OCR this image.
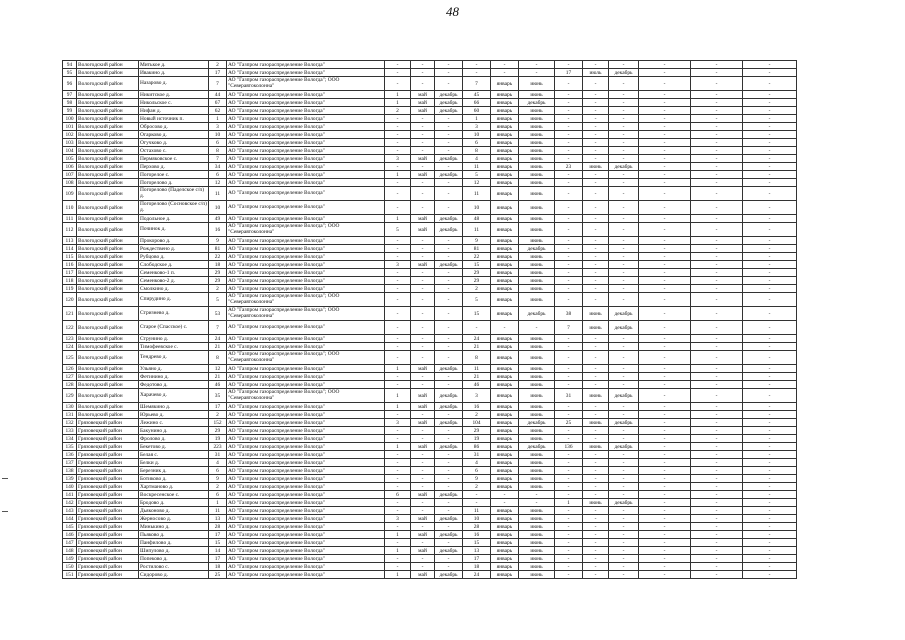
48
94	Вологодский район	Митькое д.	2	АО "Газпром газораспределение Вологда"	-	-	-	-	-	-	-	-	-	-	-	-
95	Вологодский район	Ивакино д.	17	АО "Газпром газораспределение Вологда"	-	-	-	-	-	-	17	июль	декабрь	-	-	-
96	Вологодский район	Назарово д.	7	АО "Газпром газораспределение Вологда"; ООО "Северавтоколонна"	-	-	-	7	январь	июнь	-	-	-	-	-	-
97	Вологодский район	Никитское д.	44	АО "Газпром газораспределение Вологда"	1	май	декабрь	45	январь	июнь	-	-	-	-	-	-
98	Вологодский район	Никольское с.	67	АО "Газпром газораспределение Вологда"	1	май	декабрь	66	январь	декабрь	-	-	-	-	-	-
99	Вологодский район	Нифан д.	62	АО "Газпром газораспределение Вологда"	2	май	декабрь	60	январь	июнь	-	-	-	-	-	-
100	Вологодский район	Новый источник п.	1	АО "Газпром газораспределение Вологда"	-	-	-	1	январь	июнь	-	-	-	-	-	-
101	Вологодский район	Обросово д.	3	АО "Газпром газораспределение Вологда"	-	-	-	3	январь	июнь	-	-	-	-	-	-
102	Вологодский район	Огарково д.	10	АО "Газпром газораспределение Вологда"	-	-	-	10	январь	июнь	-	-	-	-	-	-
103	Вологодский район	Огучково д.	6	АО "Газпром газораспределение Вологда"	-	-	-	6	январь	июнь	-	-	-	-	-	-
104	Вологодский район	Остахово с.	8	АО "Газпром газораспределение Вологда"	-	-	-	8	январь	июнь	-	-	-	-	-	-
105	Вологодский район	Пермяковское с.	7	АО "Газпром газораспределение Вологда"	3	май	декабрь	4	январь	июнь	-	-	-	-	-	-
106	Вологодский район	Перхово д.	34	АО "Газпром газораспределение Вологда"	-	-	-	11	январь	июнь	23	июнь	декабрь	-	-	-
107	Вологодский район	Погорелое с.	6	АО "Газпром газораспределение Вологда"	1	май	декабрь	5	январь	июнь	-	-	-	-	-	-
108	Вологодский район	Погорелово д.	12	АО "Газпром газораспределение Вологда"	-	-	-	12	январь	июнь	-	-	-	-	-	-
109	Вологодский район	Погорелово (Паделское с/п) д.	11	АО "Газпром газораспределение Вологда"	-	-	-	11	январь	июнь	-	-	-	-	-	-
110	Вологодский район	Погорелово (Сосновское с/п) д.	10	АО "Газпром газораспределение Вологда"	-	-	-	10	январь	июнь	-	-	-	-	-	-
111	Вологодский район	Подольное д.	49	АО "Газпром газораспределение Вологда"	1	май	декабрь	48	январь	июнь	-	-	-	-	-	-
112	Вологодский район	Починок д.	16	АО "Газпром газораспределение Вологда"; ООО "Северавтоколонна"	5	май	декабрь	11	январь	июнь	-	-	-	-	-	-
113	Вологодский район	Прокорово д.	9	АО "Газпром газораспределение Вологда"	-	-	-	9	январь	июнь	-	-	-	-	-	-
114	Вологодский район	Рождествено д.	81	АО "Газпром газораспределение Вологда"	-	-	-	81	январь	декабрь	-	-	-	-	-	-
115	Вологодский район	Рубцово д.	22	АО "Газпром газораспределение Вологда"	-	-	-	22	январь	июнь	-	-	-	-	-	-
116	Вологодский район	Слободское д.	18	АО "Газпром газораспределение Вологда"	3	май	декабрь	15	январь	июнь	-	-	-	-	-	-
117	Вологодский район	Семенково-1 п.	29	АО "Газпром газораспределение Вологда"	-	-	-	29	январь	июнь	-	-	-	-	-	-
118	Вологодский район	Семенково-2 д.	29	АО "Газпром газораспределение Вологда"	-	-	-	29	январь	июнь	-	-	-	-	-	-
119	Вологодский район	Смолкино д.	2	АО "Газпром газораспределение Вологда"	-	-	-	2	январь	июнь	-	-	-	-	-	-
120	Вологодский район	Спирудино д.	5	АО "Газпром газораспределение Вологда"; ООО "Северавтоколонна"	-	-	-	5	январь	июнь	-	-	-	-	-	-
121	Вологодский район	Стризнево д.	53	АО "Газпром газораспределение Вологда"; ООО "Северавтоколонна"	-	-	-	15	январь	декабрь	38	июнь	декабрь	-	-	-
122	Вологодский район	Старое (Спасское) с.	7	АО "Газпром газораспределение Вологда"	-	-	-	-	-	-	7	июнь	декабрь	-	-	-
123	Вологодский район	Струнино д.	24	АО "Газпром газораспределение Вологда"	-	-	-	24	январь	июнь	-	-	-	-	-	-
124	Вологодский район	Тимофеевское с.	21	АО "Газпром газораспределение Вологда"	-	-	-	21	январь	июнь	-	-	-	-	-	-
125	Вологодский район	Тендрево д.	8	АО "Газпром газораспределение Вологда"; ООО "Северавтоколонна"	-	-	-	8	январь	июнь	-	-	-	-	-	-
126	Вологодский район	Ульяно д.	12	АО "Газпром газораспределение Вологда"	1	май	декабрь	11	январь	июнь	-	-	-	-	-	-
127	Вологодский район	Фетинино д.	21	АО "Газпром газораспределение Вологда"	-	-	-	21	январь	июнь	-	-	-	-	-	-
128	Вологодский район	Федотово д.	46	АО "Газпром газораспределение Вологда"	-	-	-	46	январь	июнь	-	-	-	-	-	-
129	Вологодский район	Харачево д.	35	АО "Газпром газораспределение Вологда"; ООО "Северавтоколонна"	1	май	декабрь	3	январь	июнь	31	июнь	декабрь	-	-	-
130	Вологодский район	Шемякино д.	17	АО "Газпром газораспределение Вологда"	1	май	декабрь	16	январь	июнь	-	-	-	-	-	-
131	Вологодский район	Юрьево д.	2	АО "Газпром газораспределение Вологда"	-	-	-	2	январь	июнь	-	-	-	-	-	-
132	Грязовецкий район	Лежино с.	152	АО "Газпром газораспределение Вологда"	3	май	декабрь	104	январь	декабрь	25	июнь	декабрь	-	-	-
133	Грязовецкий район	Бакунино д.	29	АО "Газпром газораспределение Вологда"	-	-	-	29	январь	июнь	-	-	-	-	-	-
134	Грязовецкий район	Фролово д.	19	АО "Газпром газораспределение Вологда"	-	-	-	19	январь	июнь	-	-	-	-	-	-
135	Грязовецкий район	Бекетово д.	223	АО "Газпром газораспределение Вологда"	1	май	декабрь	86	январь	декабрь	136	июнь	декабрь	-	-	-
136	Грязовецкий район	Белая с.	31	АО "Газпром газораспределение Вологда"	-	-	-	31	январь	июнь	-	-	-	-	-	-
137	Грязовецкий район	Белки д.	4	АО "Газпром газораспределение Вологда"	-	-	-	4	январь	июнь	-	-	-	-	-	-
138	Грязовецкий район	Березник д.	6	АО "Газпром газораспределение Вологда"	-	-	-	6	январь	июнь	-	-	-	-	-	-
139	Грязовецкий район	Ботиково д.	9	АО "Газпром газораспределение Вологда"	-	-	-	9	январь	июнь	-	-	-	-	-	-
140	Грязовецкий район	Хартманово д.	2	АО "Газпром газораспределение Вологда"	-	-	-	2	январь	июнь	-	-	-	-	-	-
141	Грязовецкий район	Воскресенское с.	6	АО "Газпром газораспределение Вологда"	6	май	декабрь	-	-	-	-	-	-	-	-	-
142	Грязовецкий район	Бродово д.	1	АО "Газпром газораспределение Вологда"	-	-	-	-	-	-	1	июнь	декабрь	-	-	-
143	Грязовецкий район	Дьяконово д.	11	АО "Газпром газораспределение Вологда"	-	-	-	11	январь	июнь	-	-	-	-	-	-
144	Грязовецкий район	Жерносово д.	13	АО "Газпром газораспределение Вологда"	3	май	декабрь	10	январь	июнь	-	-	-	-	-	-
145	Грязовецкий район	Минькино д.	28	АО "Газпром газораспределение Вологда"	-	-	-	28	январь	июнь	-	-	-	-	-	-
146	Грязовецкий район	Пьяково д.	17	АО "Газпром газораспределение Вологда"	1	май	декабрь	16	январь	июнь	-	-	-	-	-	-
147	Грязовецкий район	Панфилово д.	15	АО "Газпром газораспределение Вологда"	-	-	-	15	январь	июнь	-	-	-	-	-	-
148	Грязовецкий район	Шипулово д.	14	АО "Газпром газораспределение Вологда"	1	май	декабрь	13	январь	июнь	-	-	-	-	-	-
149	Грязовецкий район	Попеково д.	17	АО "Газпром газораспределение Вологда"	-	-	-	17	январь	июнь	-	-	-	-	-	-
150	Грязовецкий район	Ростилово с.	18	АО "Газпром газораспределение Вологда"	-	-	-	18	январь	июнь	-	-	-	-	-	-
151	Грязовецкий район	Сидорово д.	25	АО "Газпром газораспределение Вологда"	1	май	декабрь	24	январь	июнь	-	-	-	-	-	-
